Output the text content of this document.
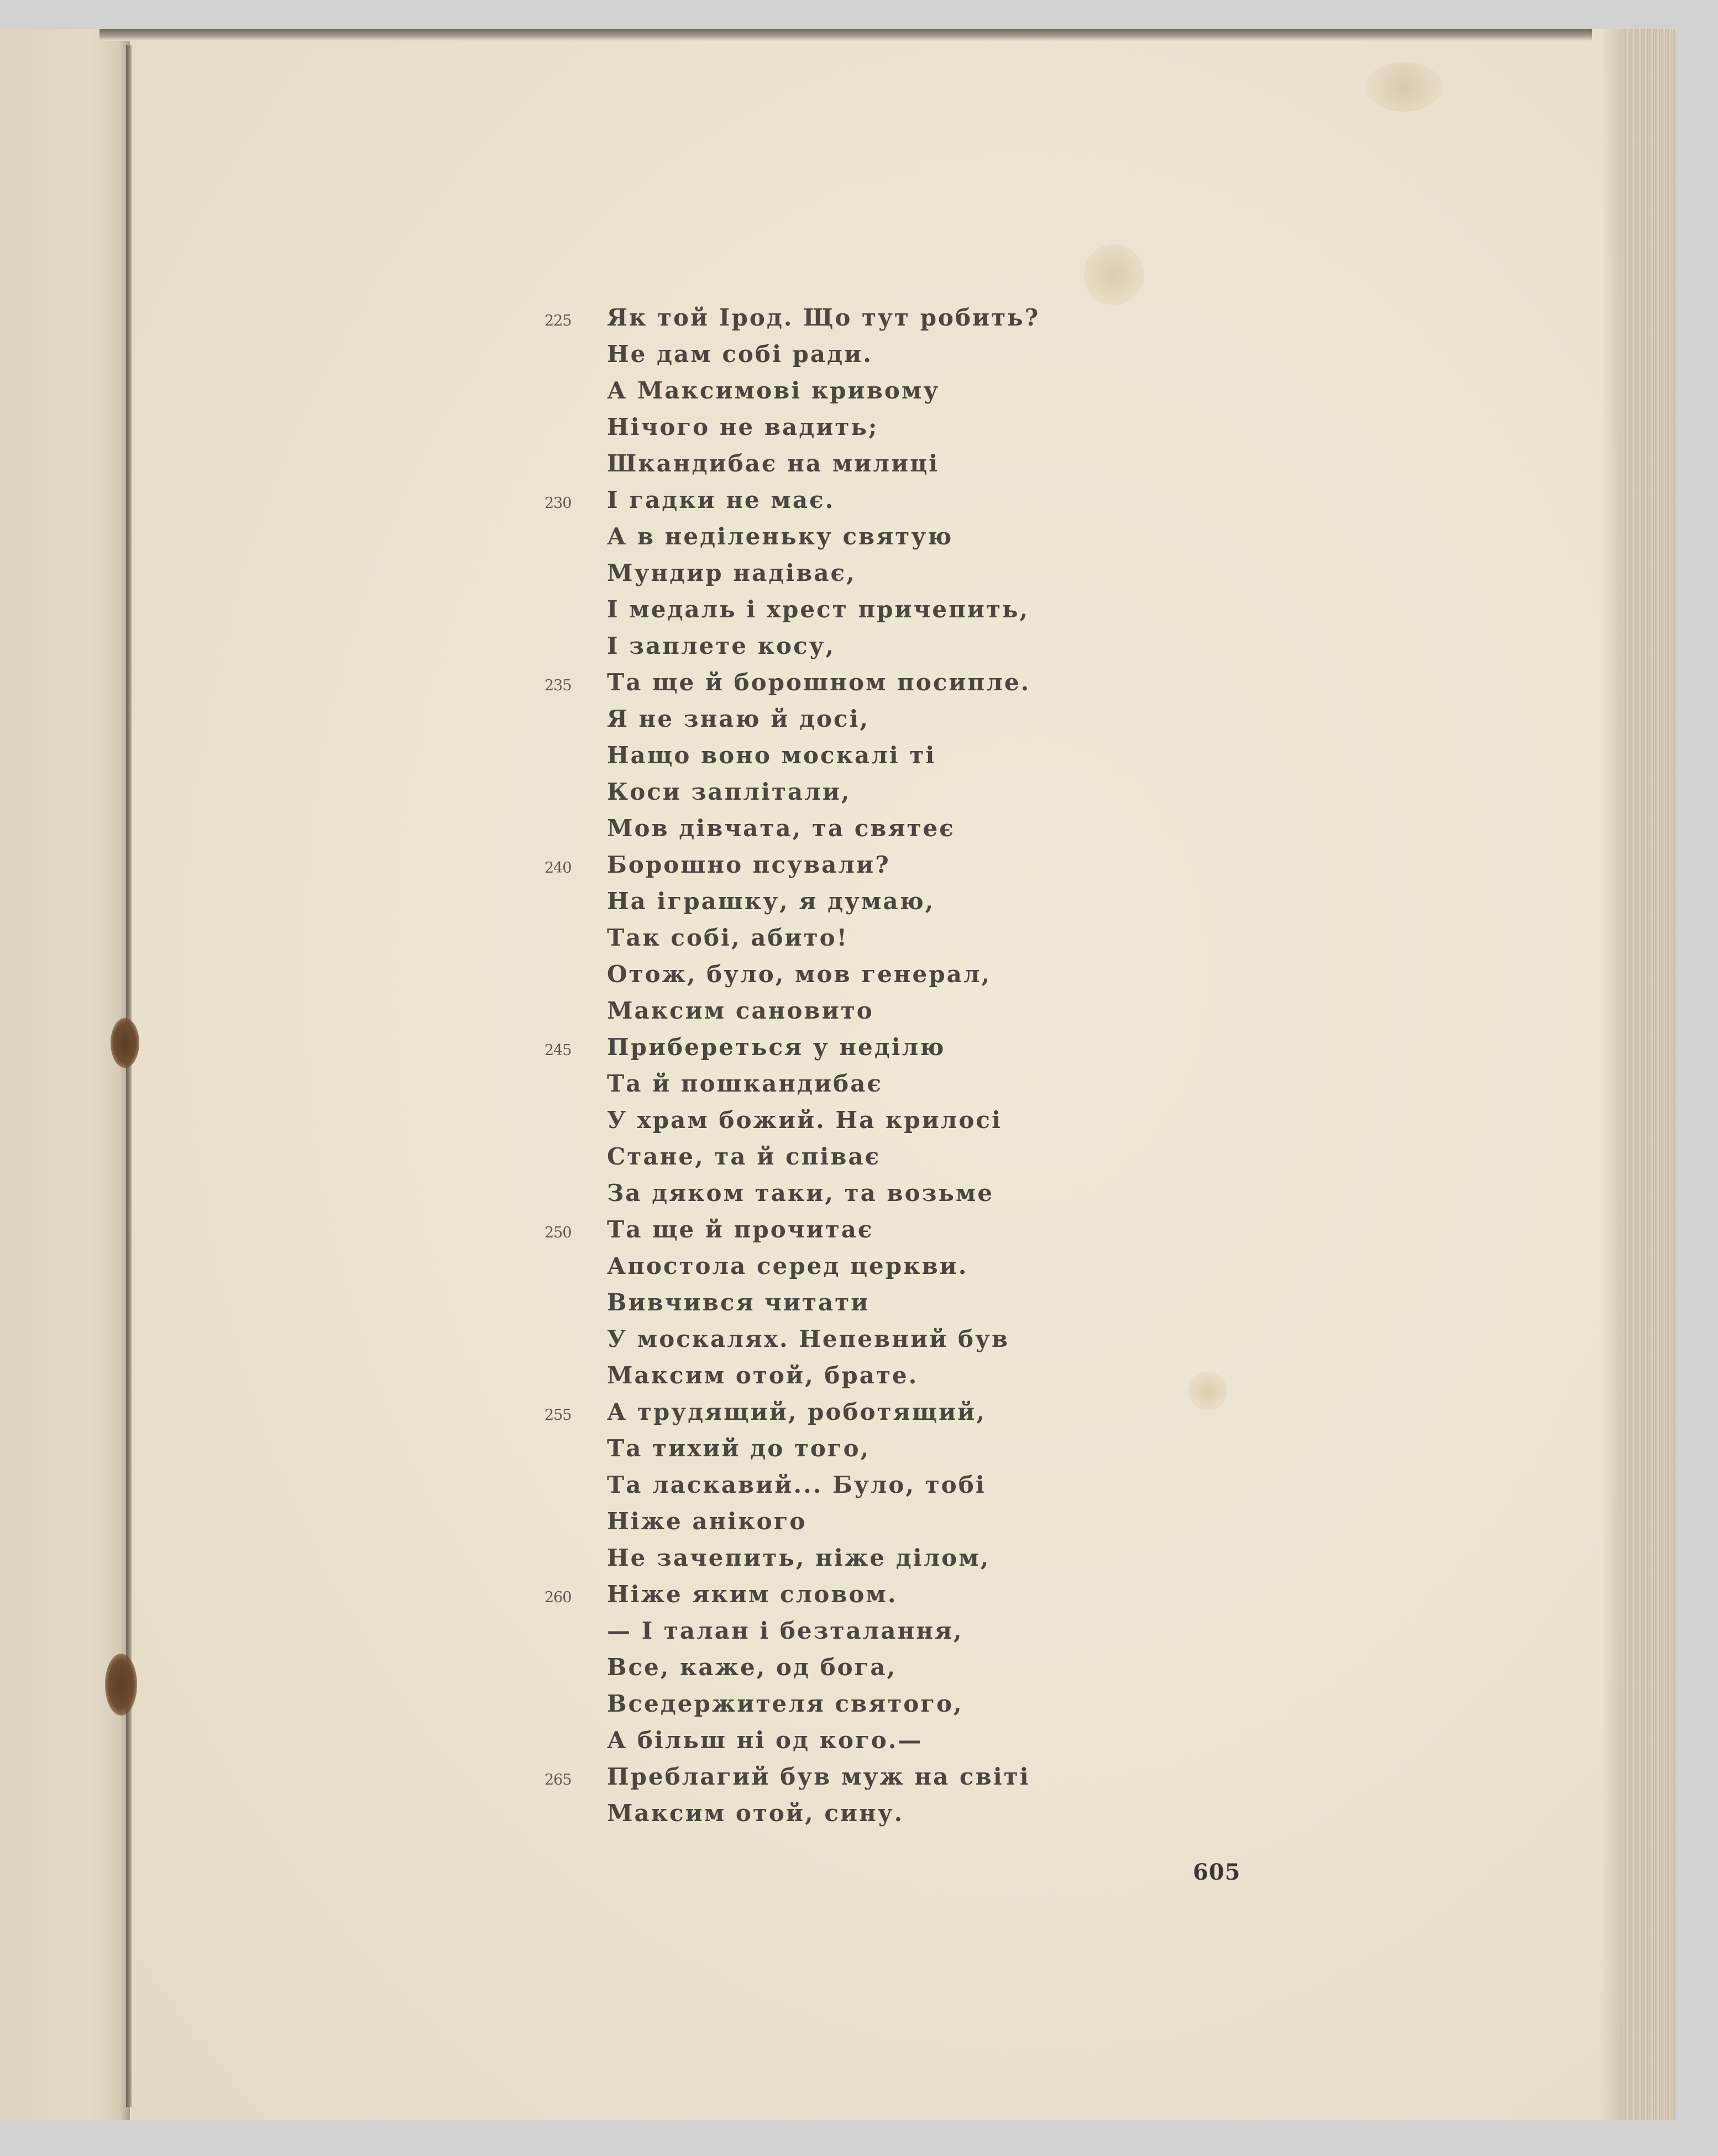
225	Як той Ірод. Що тут робить?
Не дам собі ради.
А Максимові кривому
Нічого не вадить;
Шкандибає на милиці
230	І гадки не має.
А в неділеньку святую
Мундир надіває,
І медаль і хрест причепить,
І заплете косу,
235	Та ще й борошном посипле.
Я не знаю й досі,
Нащо воно москалі ті
Коси заплітали,
Мов дівчата, та святеє
240	Борошно псували?
На іграшку, я думаю,
Так собі, абито!
Отож, було, мов генерал,
Максим сановито
245	Прибереться у неділю
Та й пошкандибає
У храм божий. На крилосі
Стане, та й співає
За дяком таки, та возьме
250	Та ще й прочитає
Апостола серед церкви.
Вивчився читати
У москалях. Непевний був
Максим отой, брате.
255	А трудящий, роботящий,
Та тихий до того,
Та ласкавий... Було, тобі
Ніже анікого
Не зачепить, ніже ділом,
260	Ніже яким словом.
— І талан і безталання,
Все, каже, од бога,
Вседержителя святого,
А більш ні од кого.—
265	Преблагий був муж на світі
Максим отой, сину.
605
